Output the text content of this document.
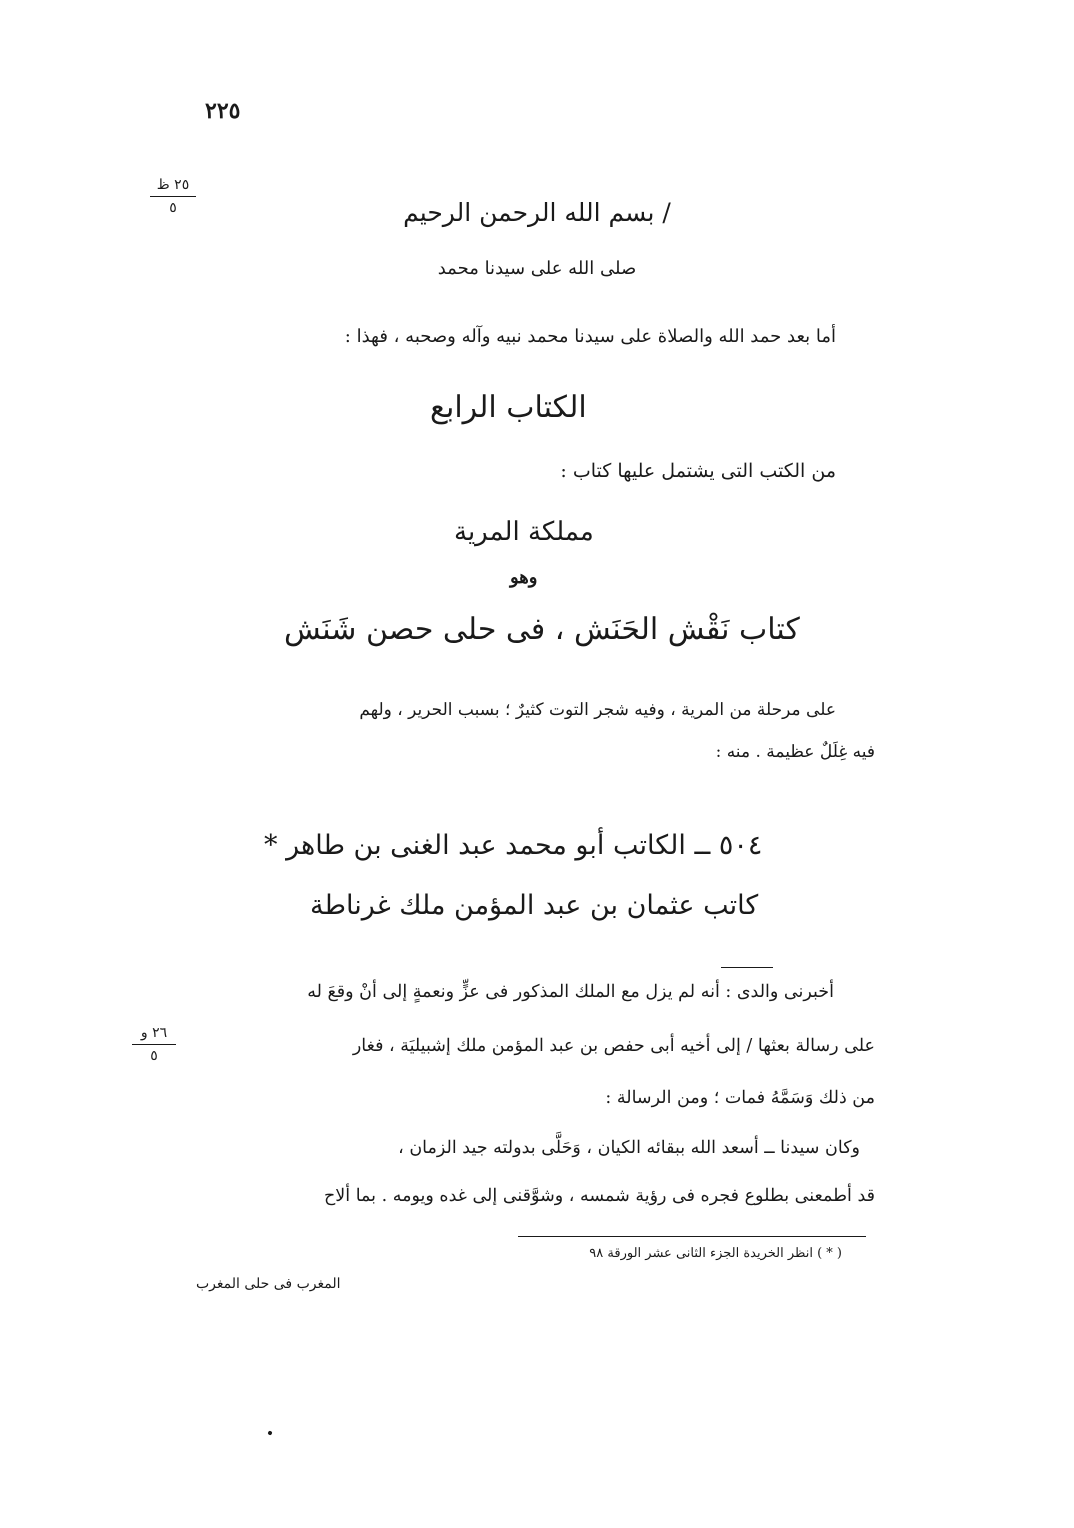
٢٢٥
٢٥ ظ
٥	/ بسم الله الرحمن الرحيم
صلى الله على سيدنا محمد
أما بعد حمد الله والصلاة على سيدنا محمد نبيه وآله وصحبه ، فهذا :
الكتاب الرابع
من الكتب التى يشتمل عليها كتاب :
مملكة المرية
وهو
كتاب نَقْش الحَنَش ، فى حلى حصن شَنَش
على مرحلة من المرية ، وفيه شجر التوت كثيرٌ ؛ بسبب الحرير ، ولهم
فيه غِلَلٌ عظيمة . منه :
٥٠٤ ــ الكاتب أبو محمد عبد الغنى بن طاهر *
كاتب عثمان بن عبد المؤمن ملك غرناطة
أخبرنى والدى : أنه لم يزل مع الملك المذكور فى عزٍّ ونعمةٍ إلى أنْ وقعَ له
على رسالة بعثها / إلى أخيه أبى حفص بن عبد المؤمن ملك إشبيليَة ، فغار
٢٦ و
٥
من ذلك وَسَمَّهُ فمات ؛ ومن الرسالة :
وكان سيدنا ــ أسعد الله ببقائه الكيان ، وَحَلَّى بدولته جيد الزمان ،
قد أطمعنى بطلوع فجره فى رؤية شمسه ، وشوَّقنى إلى غده ويومه . بما ألاح
( * ) انظر الخريدة الجزء الثانى عشر الورقة ٩٨
المغرب فى حلى المغرب
